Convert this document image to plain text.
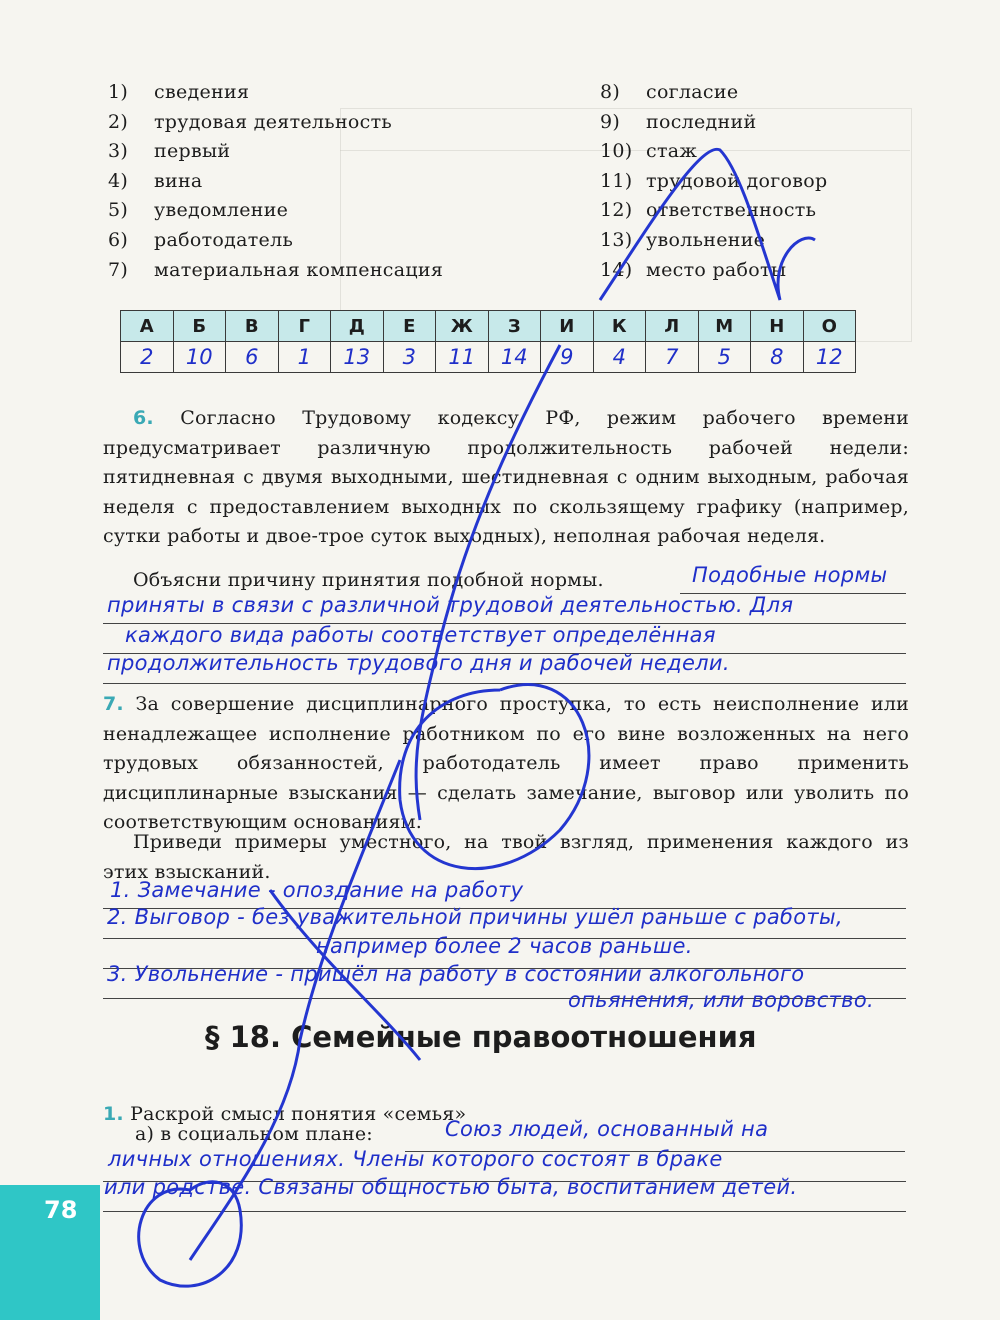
1)	сведения
2)	трудовая деятельность
3)	первый
4)	вина
5)	уведомление
6)	работодатель
7)	материальная компенсация
8)	согласие
9)	последний
10) стаж
11) трудовой договор
12) ответственность
13) увольнение
14) место работы
А	Б	В	Г	Д	Е	Ж	З	И	К	Л	М	Н	О
2	10	6	1	13	3	11	14	9	4	7	5	8	12
6. Согласно Трудовому кодексу РФ, режим рабочего времени предусматривает различную продолжительность рабочей недели: пятидневная с двумя выходными, шестидневная с одним выходным, рабочая неделя с предоставлением выходных по скользящему графику (например, сутки работы и двое-трое суток выходных), неполная рабочая неделя.
Объясни причину принятия подобной нормы.	Подобные нормы
приняты в связи с различной трудовой деятельностью. Для
каждого вида работы соответствует определённая
продолжительность трудового дня и рабочей недели.
7. За совершение дисциплинарного проступка, то есть неисполнение или ненадлежащее исполнение работником по его вине возложенных на него трудовых обязанностей, работодатель имеет право применить дисциплинарные взыскания — сделать замечание, выговор или уволить по соответствующим основаниям.
Приведи примеры уместного, на твой взгляд, применения каждого из этих взысканий.
1. Замечание - опоздание на работу
2. Выговор - без уважительной причины ушёл раньше с работы,
например более 2 часов раньше.
3. Увольнение - пришёл на работу в состоянии алкогольного
опьянения, или воровство.
§ 18. Семейные правоотношения
1. Раскрой смысл понятия «семья»
а) в социальном плане:	Союз людей, основанный на
личных отношениях. Члены которого состоят в браке
или родстве. Связаны общностью быта, воспитанием детей.
78
